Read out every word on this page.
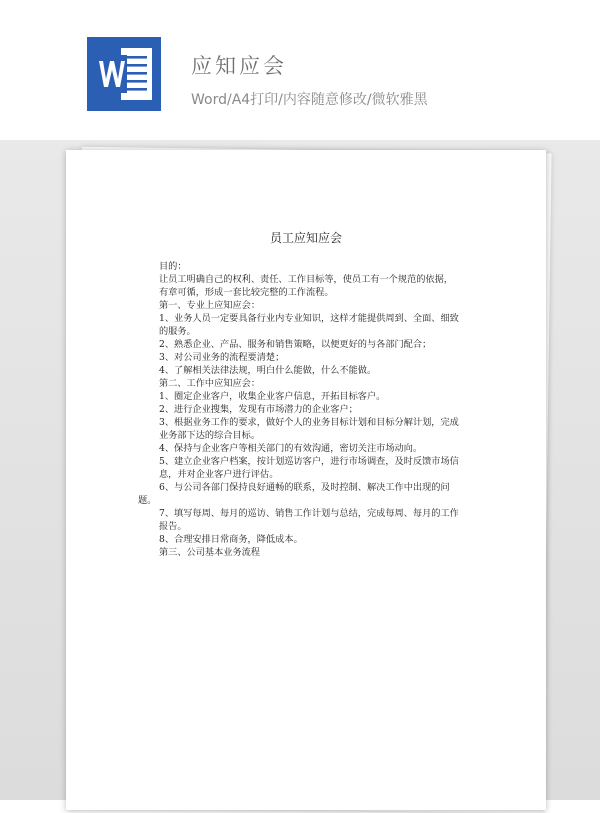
应知应会
Word/A4打印/内容随意修改/微软雅黑
员工应知应会
目的：
让员工明确自己的权利、责任、工作目标等，使员工有一个规范的依据，
有章可循，形成一套比较完整的工作流程。
第一、专业上应知应会：
1、业务人员一定要具备行业内专业知识，这样才能提供周到、全面、细致
的服务。
2、熟悉企业、产品、服务和销售策略，以便更好的与各部门配合；
3、对公司业务的流程要清楚；
4、了解相关法律法规，明白什么能做，什么不能做。
第二、工作中应知应会：
1、圈定企业客户，收集企业客户信息，开拓目标客户。
2、进行企业搜集，发现有市场潜力的企业客户；
3、根据业务工作的要求，做好个人的业务目标计划和目标分解计划，完成
业务部下达的综合目标。
4、保持与企业客户等相关部门的有效沟通，密切关注市场动向。
5、建立企业客户档案，按计划巡访客户，进行市场调查，及时反馈市场信
息，并对企业客户进行评估。
6、与公司各部门保持良好通畅的联系，及时控制、解决工作中出现的问
题。
7、填写每周、每月的巡访、销售工作计划与总结，完成每周、每月的工作
报告。
8、合理安排日常商务，降低成本。
第三、公司基本业务流程
